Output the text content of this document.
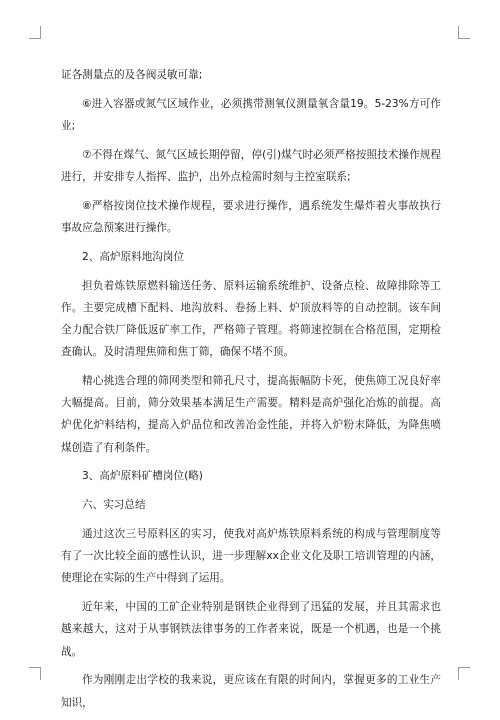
证各测量点的及各阀灵敏可靠;

⑥进入容器或氮气区域作业，必须携带测氧仪测量氧含量19。5-23%方可作业;

⑦不得在煤气、氮气区域长期停留，停(引)煤气时必须严格按照技术操作规程进行，并安排专人指挥、监护，出外点检需时刻与主控室联系;

⑧严格按岗位技术操作规程，要求进行操作，遇系统发生爆炸着火事故执行事故应急预案进行操作。

2、高炉原料地沟岗位

担负着炼铁原燃料输送任务、原料运输系统维护、设备点检、故障排除等工作。主要完成槽下配料、地沟放料、卷扬上料、炉顶放料等的自动控制。该车间全力配合铁厂降低返矿率工作，严格筛子管理。将筛速控制在合格范围，定期检查确认。及时清理焦筛和焦丁筛，确保不堵不顶。

精心挑选合理的筛网类型和筛孔尺寸，提高振幅防卡死，使焦筛工况良好率大幅提高。目前，筛分效果基本满足生产需要。精料是高炉强化冶炼的前提。高炉优化炉料结构，提高入炉品位和改善冶金性能，并将入炉粉末降低，为降焦喷煤创造了有利条件。

3、高炉原料矿槽岗位(略)

六、实习总结

通过这次三号原料区的实习，使我对高炉炼铁原料系统的构成与管理制度等有了一次比较全面的感性认识，进一步理解xx企业文化及职工培训管理的内涵，使理论在实际的生产中得到了运用。

近年来，中国的工矿企业特别是钢铁企业得到了迅猛的发展，并且其需求也越来越大，这对于从事钢铁法律事务的工作者来说，既是一个机遇，也是一个挑战。

作为刚刚走出学校的我来说，更应该在有限的时间内，掌握更多的工业生产知识，
